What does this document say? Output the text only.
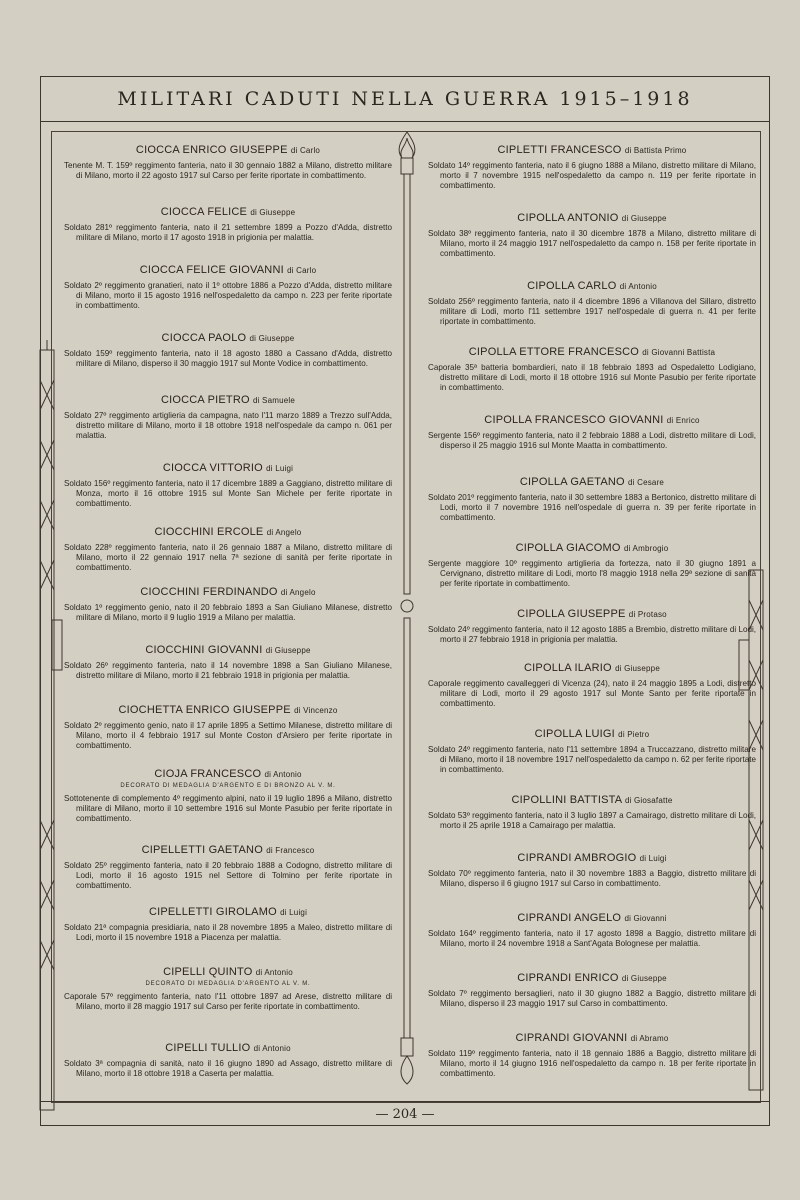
MILITARI CADUTI NELLA GUERRA 1915–1918
CIOCCA ENRICO GIUSEPPE di Carlo

Tenente M. T. 159º reggimento fanteria, nato il 30 gennaio 1882 a Milano, distretto militare di Milano, morto il 22 agosto 1917 sul Carso per ferite riportate in combattimento.

CIOCCA FELICE di Giuseppe

Soldato 281º reggimento fanteria, nato il 21 settembre 1899 a Pozzo d'Adda, distretto militare di Milano, morto il 17 agosto 1918 in prigionia per malattia.

CIOCCA FELICE GIOVANNI di Carlo

Soldato 2º reggimento granatieri, nato il 1º ottobre 1886 a Pozzo d'Adda, distretto militare di Milano, morto il 15 agosto 1916 nell'ospedaletto da campo n. 223 per ferite riportate in combattimento.

CIOCCA PAOLO di Giuseppe

Soldato 159º reggimento fanteria, nato il 18 agosto 1880 a Cassano d'Adda, distretto militare di Milano, disperso il 30 maggio 1917 sul Monte Vodice in combattimento.

CIOCCA PIETRO di Samuele

Soldato 27º reggimento artiglieria da campagna, nato l'11 marzo 1889 a Trezzo sull'Adda, distretto militare di Milano, morto il 18 ottobre 1918 nell'ospedale da campo n. 061 per malattia.

CIOCCA VITTORIO di Luigi

Soldato 156º reggimento fanteria, nato il 17 dicembre 1889 a Gaggiano, distretto militare di Monza, morto il 16 ottobre 1915 sul Monte San Michele per ferite riportate in combattimento.

CIOCCHINI ERCOLE di Angelo

Soldato 228º reggimento fanteria, nato il 26 gennaio 1887 a Milano, distretto militare di Milano, morto il 22 gennaio 1917 nella 7ª sezione di sanità per ferite riportate in combattimento.

CIOCCHINI FERDINANDO di Angelo

Soldato 1º reggimento genio, nato il 20 febbraio 1893 a San Giuliano Milanese, distretto militare di Milano, morto il 9 luglio 1919 a Milano per malattia.

CIOCCHINI GIOVANNI di Giuseppe

Soldato 26º reggimento fanteria, nato il 14 novembre 1898 a San Giuliano Milanese, distretto militare di Milano, morto il 21 febbraio 1918 in prigionia per malattia.

CIOCHETTA ENRICO GIUSEPPE di Vincenzo

Soldato 2º reggimento genio, nato il 17 aprile 1895 a Settimo Milanese, distretto militare di Milano, morto il 4 febbraio 1917 sul Monte Coston d'Arsiero per ferite riportate in combattimento.

CIOJA FRANCESCO di Antonio
DECORATO DI MEDAGLIA D'ARGENTO E DI BRONZO AL V. M.

Sottotenente di complemento 4º reggimento alpini, nato il 19 luglio 1896 a Milano, distretto militare di Milano, morto il 10 settembre 1916 sul Monte Pasubio per ferite riportate in combattimento.

CIPELLETTI GAETANO di Francesco

Soldato 25º reggimento fanteria, nato il 20 febbraio 1888 a Codogno, distretto militare di Lodi, morto il 16 agosto 1915 nel Settore di Tolmino per ferite riportate in combattimento.

CIPELLETTI GIROLAMO di Luigi

Soldato 21ª compagnia presidiaria, nato il 28 novembre 1895 a Maleo, distretto militare di Lodi, morto il 15 novembre 1918 a Piacenza per malattia.

CIPELLI QUINTO di Antonio
DECORATO DI MEDAGLIA D'ARGENTO AL V. M.

Caporale 57º reggimento fanteria, nato l'11 ottobre 1897 ad Arese, distretto militare di Milano, morto il 28 maggio 1917 sul Carso per ferite riportate in combattimento.

CIPELLI TULLIO di Antonio

Soldato 3ª compagnia di sanità, nato il 16 giugno 1890 ad Assago, distretto militare di Milano, morto il 18 ottobre 1918 a Caserta per malattia.

CIPLETTI FRANCESCO di Battista Primo

Soldato 14º reggimento fanteria, nato il 6 giugno 1888 a Milano, distretto militare di Milano, morto il 7 novembre 1915 nell'ospedaletto da campo n. 119 per ferite riportate in combattimento.

CIPOLLA ANTONIO di Giuseppe

Soldato 38º reggimento fanteria, nato il 30 dicembre 1878 a Milano, distretto militare di Milano, morto il 24 maggio 1917 nell'ospedaletto da campo n. 158 per ferite riportate in combattimento.

CIPOLLA CARLO di Antonio

Soldato 256º reggimento fanteria, nato il 4 dicembre 1896 a Villanova del Sillaro, distretto militare di Lodi, morto l'11 settembre 1917 nell'ospedale di guerra n. 41 per ferite riportate in combattimento.

CIPOLLA ETTORE FRANCESCO di Giovanni Battista

Caporale 35ª batteria bombardieri, nato il 18 febbraio 1893 ad Ospedaletto Lodigiano, distretto militare di Lodi, morto il 18 ottobre 1916 sul Monte Pasubio per ferite riportate in combattimento.

CIPOLLA FRANCESCO GIOVANNI di Enrico

Sergente 156º reggimento fanteria, nato il 2 febbraio 1888 a Lodi, distretto militare di Lodi, disperso il 25 maggio 1916 sul Monte Maatta in combattimento.

CIPOLLA GAETANO di Cesare

Soldato 201º reggimento fanteria, nato il 30 settembre 1883 a Bertonico, distretto militare di Lodi, morto il 7 novembre 1916 nell'ospedale di guerra n. 39 per ferite riportate in combattimento.

CIPOLLA GIACOMO di Ambrogio

Sergente maggiore 10º reggimento artiglieria da fortezza, nato il 30 giugno 1891 a Cervignano, distretto militare di Lodi, morto l'8 maggio 1918 nella 29ª sezione di sanità per ferite riportate in combattimento.

CIPOLLA GIUSEPPE di Protaso

Soldato 24º reggimento fanteria, nato il 12 agosto 1885 a Brembio, distretto militare di Lodi, morto il 27 febbraio 1918 in prigionia per malattia.

CIPOLLA ILARIO di Giuseppe

Caporale reggimento cavalleggeri di Vicenza (24), nato il 24 maggio 1895 a Lodi, distretto militare di Lodi, morto il 29 agosto 1917 sul Monte Santo per ferite riportate in combattimento.

CIPOLLA LUIGI di Pietro

Soldato 24º reggimento fanteria, nato l'11 settembre 1894 a Truccazzano, distretto militare di Milano, morto il 18 novembre 1917 nell'ospedaletto da campo n. 62 per ferite riportate in combattimento.

CIPOLLINI BATTISTA di Giosafatte

Soldato 53º reggimento fanteria, nato il 3 luglio 1897 a Camairago, distretto militare di Lodi, morto il 25 aprile 1918 a Camairago per malattia.

CIPRANDI AMBROGIO di Luigi

Soldato 70º reggimento fanteria, nato il 30 novembre 1883 a Baggio, distretto militare di Milano, disperso il 6 giugno 1917 sul Carso in combattimento.

CIPRANDI ANGELO di Giovanni

Soldato 164º reggimento fanteria, nato il 17 agosto 1898 a Baggio, distretto militare di Milano, morto il 24 novembre 1918 a Sant'Agata Bolognese per malattia.

CIPRANDI ENRICO di Giuseppe

Soldato 7º reggimento bersaglieri, nato il 30 giugno 1882 a Baggio, distretto militare di Milano, disperso il 23 maggio 1917 sul Carso in combattimento.

CIPRANDI GIOVANNI di Abramo

Soldato 119º reggimento fanteria, nato il 18 gennaio 1886 a Baggio, distretto militare di Milano, morto il 14 giugno 1916 nell'ospedaletto da campo n. 18 per ferite riportate in combattimento.

— 204 —
